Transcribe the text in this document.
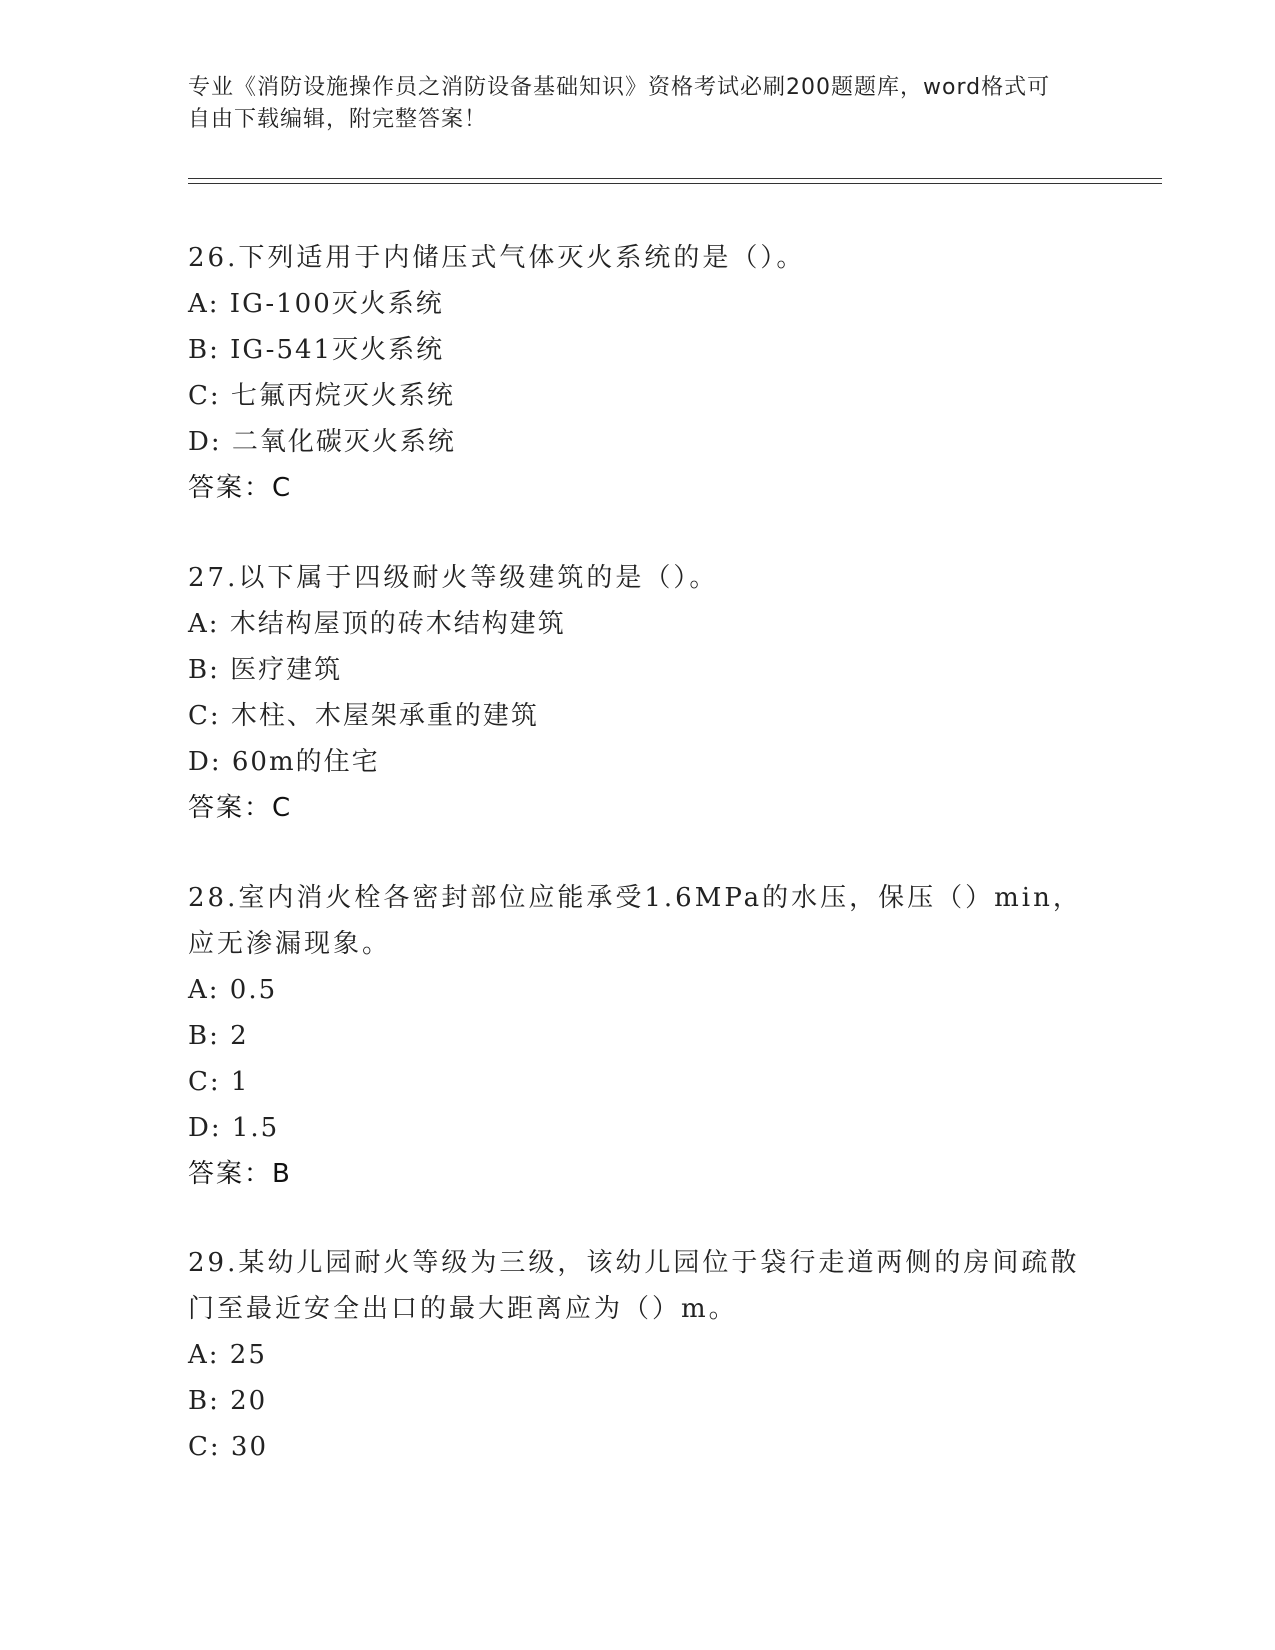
专业《消防设施操作员之消防设备基础知识》资格考试必刷200题题库，word格式可自由下载编辑，附完整答案！

26.下列适用于内储压式气体灭火系统的是（）。

A: IG-100灭火系统

B: IG-541灭火系统

C: 七氟丙烷灭火系统

D: 二氧化碳灭火系统

答案：C

27.以下属于四级耐火等级建筑的是（）。

A: 木结构屋顶的砖木结构建筑

B: 医疗建筑

C: 木柱、木屋架承重的建筑

D: 60m的住宅

答案：C

28.室内消火栓各密封部位应能承受1.6MPa的水压，保压（）min，应无渗漏现象。

A: 0.5

B: 2

C: 1

D: 1.5

答案：B

29.某幼儿园耐火等级为三级，该幼儿园位于袋行走道两侧的房间疏散门至最近安全出口的最大距离应为（）m。

A: 25

B: 20

C: 30
